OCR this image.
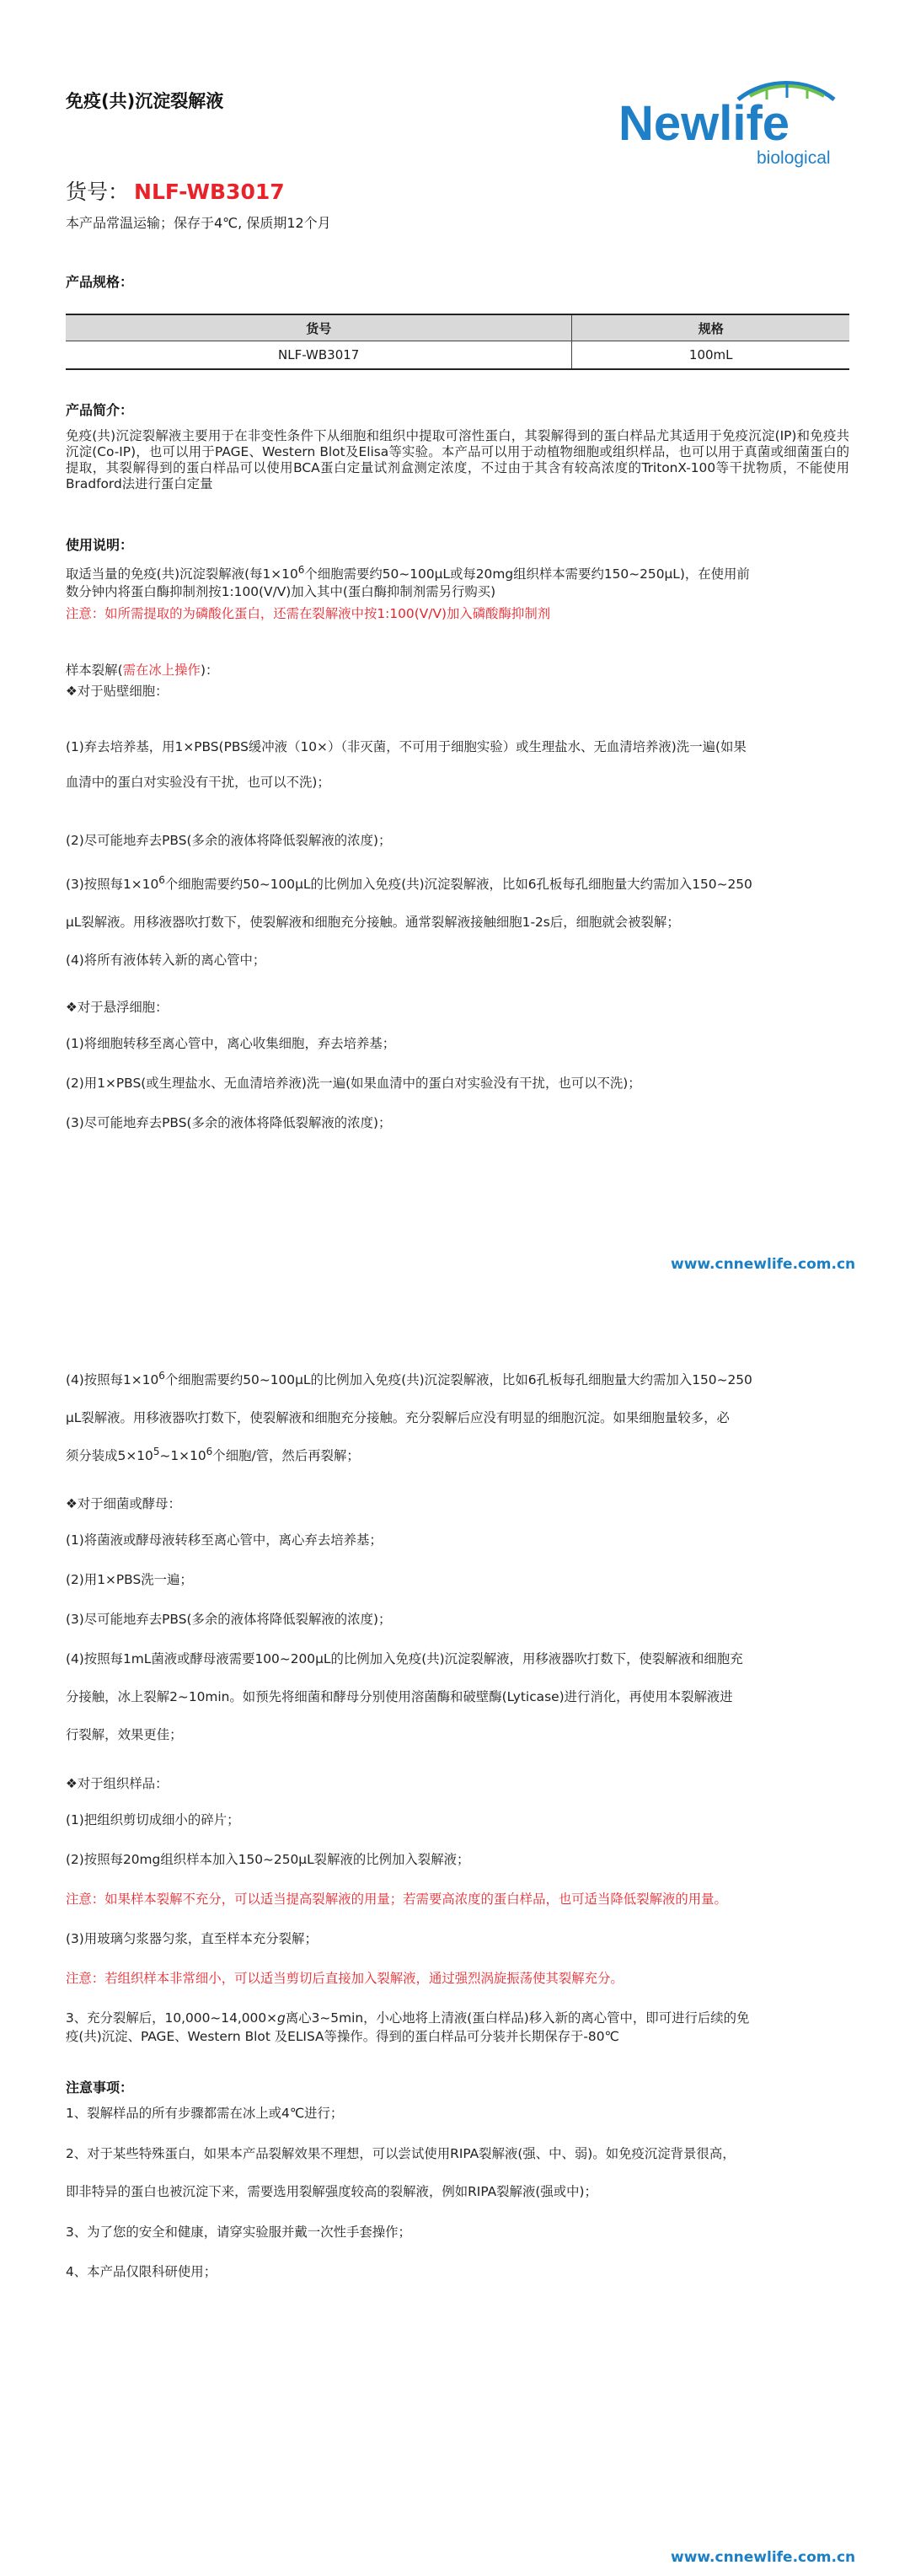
免疫(共)沉淀裂解液	Newlife
biological
货号： NLF-WB3017
本产品常温运输；保存于4℃, 保质期12个月
产品规格：
货号	规格
NLF-WB3017	100mL
产品简介：
免疫(共)沉淀裂解液主要用于在非变性条件下从细胞和组织中提取可溶性蛋白，其裂解得到的蛋白样品尤其适用于免疫沉淀(IP)和免疫共沉淀(Co-IP)，也可以用于PAGE、Western Blot及Elisa等实验。本产品可以用于动植物细胞或组织样品，也可以用于真菌或细菌蛋白的提取，其裂解得到的蛋白样品可以使用BCA蛋白定量试剂盒测定浓度，不过由于其含有较高浓度的TritonX-100等干扰物质，不能使用Bradford法进行蛋白定量
使用说明：
取适当量的免疫(共)沉淀裂解液(每$1\times 10^6$个细胞需要约50~100μL或每20mg组织样本需要约150~250μL)，在使用前
数分钟内将蛋白酶抑制剂按1:100(V/V)加入其中(蛋白酶抑制剂需另行购买)
注意：如所需提取的为磷酸化蛋白，还需在裂解液中按1:100(V/V)加入磷酸酶抑制剂
样本裂解(需在冰上操作)：
❖对于贴壁细胞：
(1)弃去培养基，用1×PBS(PBS缓冲液（10×）（非灭菌，不可用于细胞实验）或生理盐水、无血清培养液)洗一遍(如果
血清中的蛋白对实验没有干扰，也可以不洗)；
(2)尽可能地弃去PBS(多余的液体将降低裂解液的浓度)；
(3)按照每$1\times 10^6$个细胞需要约50~100μL的比例加入免疫(共)沉淀裂解液，比如6孔板每孔细胞量大约需加入150~250
μL裂解液。用移液器吹打数下，使裂解液和细胞充分接触。通常裂解液接触细胞1-2s后，细胞就会被裂解；
(4)将所有液体转入新的离心管中；
❖对于悬浮细胞：
(1)将细胞转移至离心管中，离心收集细胞，弃去培养基；
(2)用1×PBS(或生理盐水、无血清培养液)洗一遍(如果血清中的蛋白对实验没有干扰，也可以不洗)；
(3)尽可能地弃去PBS(多余的液体将降低裂解液的浓度)；
www.cnnewlife.com.cn
(4)按照每$1\times 10^6$个细胞需要约50~100μL的比例加入免疫(共)沉淀裂解液，比如6孔板每孔细胞量大约需加入150~250
μL裂解液。用移液器吹打数下，使裂解液和细胞充分接触。充分裂解后应没有明显的细胞沉淀。如果细胞量较多，必
须分装成$5\times 10^5\sim 1\times 10^6$个细胞/管，然后再裂解；
❖对于细菌或酵母：
(1)将菌液或酵母液转移至离心管中，离心弃去培养基；
(2)用1×PBS洗一遍；
(3)尽可能地弃去PBS(多余的液体将降低裂解液的浓度)；
(4)按照每1mL菌液或酵母液需要100~200μL的比例加入免疫(共)沉淀裂解液，用移液器吹打数下，使裂解液和细胞充
分接触，冰上裂解2~10min。如预先将细菌和酵母分别使用溶菌酶和破壁酶(Lyticase)进行消化，再使用本裂解液进
行裂解，效果更佳；
❖对于组织样品：
(1)把组织剪切成细小的碎片；
(2)按照每20mg组织样本加入150~250μL裂解液的比例加入裂解液；
注意：如果样本裂解不充分，可以适当提高裂解液的用量；若需要高浓度的蛋白样品，也可适当降低裂解液的用量。
(3)用玻璃匀浆器匀浆，直至样本充分裂解；
注意：若组织样本非常细小，可以适当剪切后直接加入裂解液，通过强烈涡旋振荡使其裂解充分。
3、充分裂解后，10,000~14,000×g离心3~5min，小心地将上清液(蛋白样品)移入新的离心管中，即可进行后续的免
疫(共)沉淀、PAGE、Western Blot 及ELISA等操作。得到的蛋白样品可分装并长期保存于-80℃
注意事项：
1、裂解样品的所有步骤都需在冰上或4℃进行；
2、对于某些特殊蛋白，如果本产品裂解效果不理想，可以尝试使用RIPA裂解液(强、中、弱)。如免疫沉淀背景很高，
即非特异的蛋白也被沉淀下来，需要选用裂解强度较高的裂解液，例如RIPA裂解液(强或中)；
3、为了您的安全和健康，请穿实验服并戴一次性手套操作；
4、本产品仅限科研使用；
www.cnnewlife.com.cn
